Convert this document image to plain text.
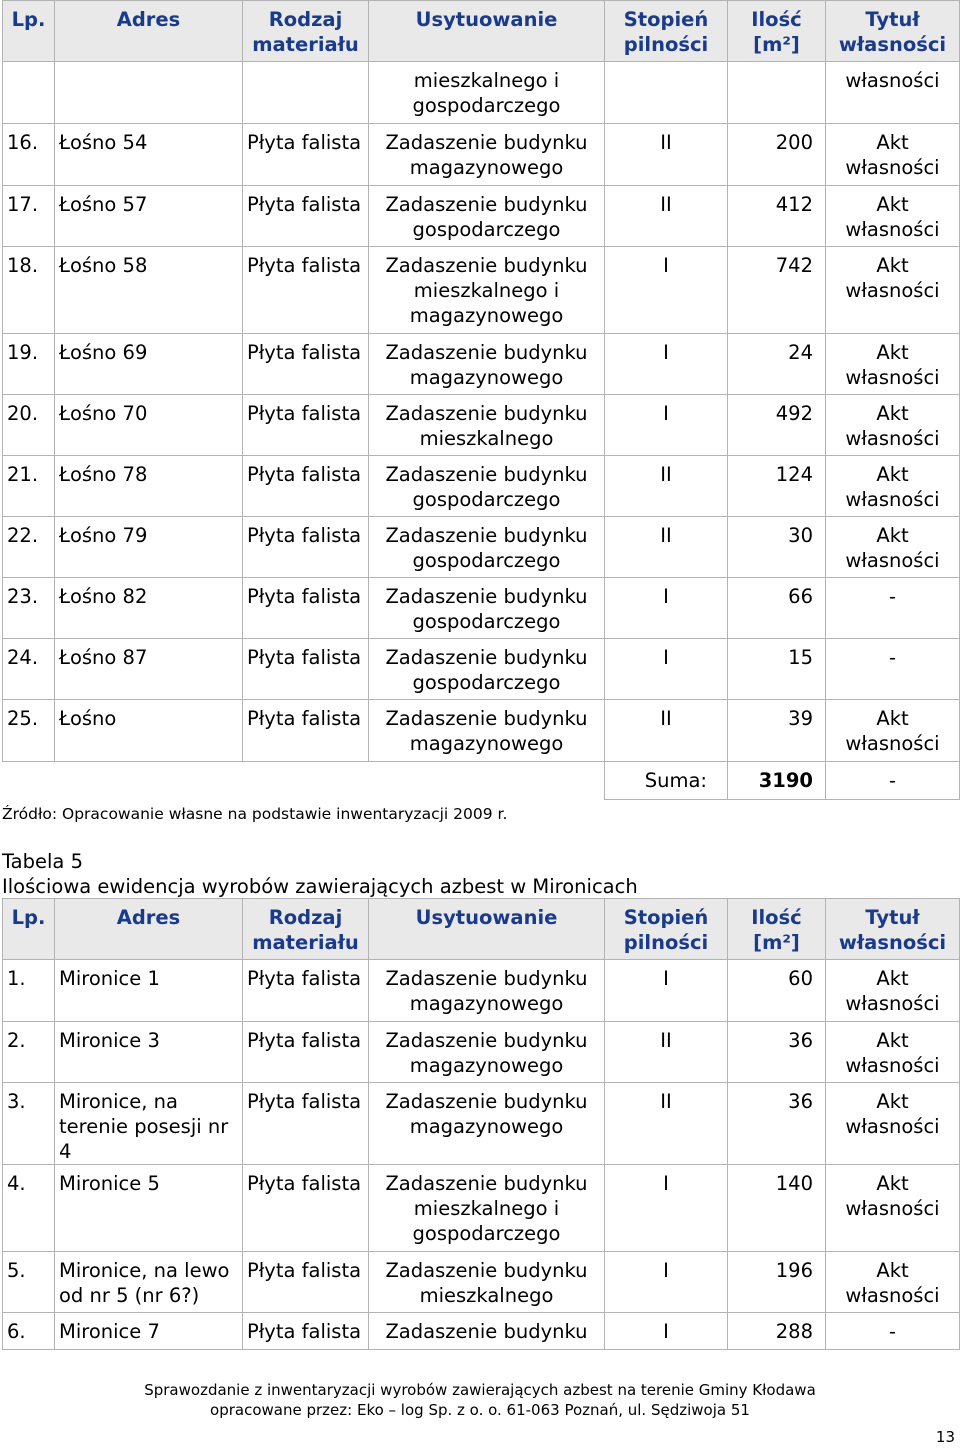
Lp.	Adres	Rodzaj materiału	Usytuowanie	Stopień pilności	Ilość [m²]	Tytuł własności
			mieszkalnego i gospodarczego			własności
16.	Łośno 54	Płyta falista	Zadaszenie budynku magazynowego	II	200	Akt własności
17.	Łośno 57	Płyta falista	Zadaszenie budynku gospodarczego	II	412	Akt własności
18.	Łośno 58	Płyta falista	Zadaszenie budynku mieszkalnego i magazynowego	I	742	Akt własności
19.	Łośno 69	Płyta falista	Zadaszenie budynku magazynowego	I	24	Akt własności
20.	Łośno 70	Płyta falista	Zadaszenie budynku mieszkalnego	I	492	Akt własności
21.	Łośno 78	Płyta falista	Zadaszenie budynku gospodarczego	II	124	Akt własności
22.	Łośno 79	Płyta falista	Zadaszenie budynku gospodarczego	II	30	Akt własności
23.	Łośno 82	Płyta falista	Zadaszenie budynku gospodarczego	I	66	-
24.	Łośno 87	Płyta falista	Zadaszenie budynku gospodarczego	I	15	-
25.	Łośno	Płyta falista	Zadaszenie budynku magazynowego	II	39	Akt własności
				Suma:	3190	-
Źródło: Opracowanie własne na podstawie inwentaryzacji 2009 r.
Tabela 5
Ilościowa ewidencja wyrobów zawierających azbest w Mironicach
Lp.	Adres	Rodzaj materiału	Usytuowanie	Stopień pilności	Ilość [m²]	Tytuł własności
1.	Mironice 1	Płyta falista	Zadaszenie budynku magazynowego	I	60	Akt własności
2.	Mironice 3	Płyta falista	Zadaszenie budynku magazynowego	II	36	Akt własności
3.	Mironice, na terenie posesji nr 4	Płyta falista	Zadaszenie budynku magazynowego	II	36	Akt własności
4.	Mironice 5	Płyta falista	Zadaszenie budynku mieszkalnego i gospodarczego	I	140	Akt własności
5.	Mironice, na lewo od nr 5 (nr 6?)	Płyta falista	Zadaszenie budynku mieszkalnego	I	196	Akt własności
6.	Mironice 7	Płyta falista	Zadaszenie budynku	I	288	-
Sprawozdanie z inwentaryzacji wyrobów zawierających azbest na terenie Gminy Kłodawa
opracowane przez: Eko – log Sp. z o. o. 61-063 Poznań, ul. Sędziwoja 51
13
